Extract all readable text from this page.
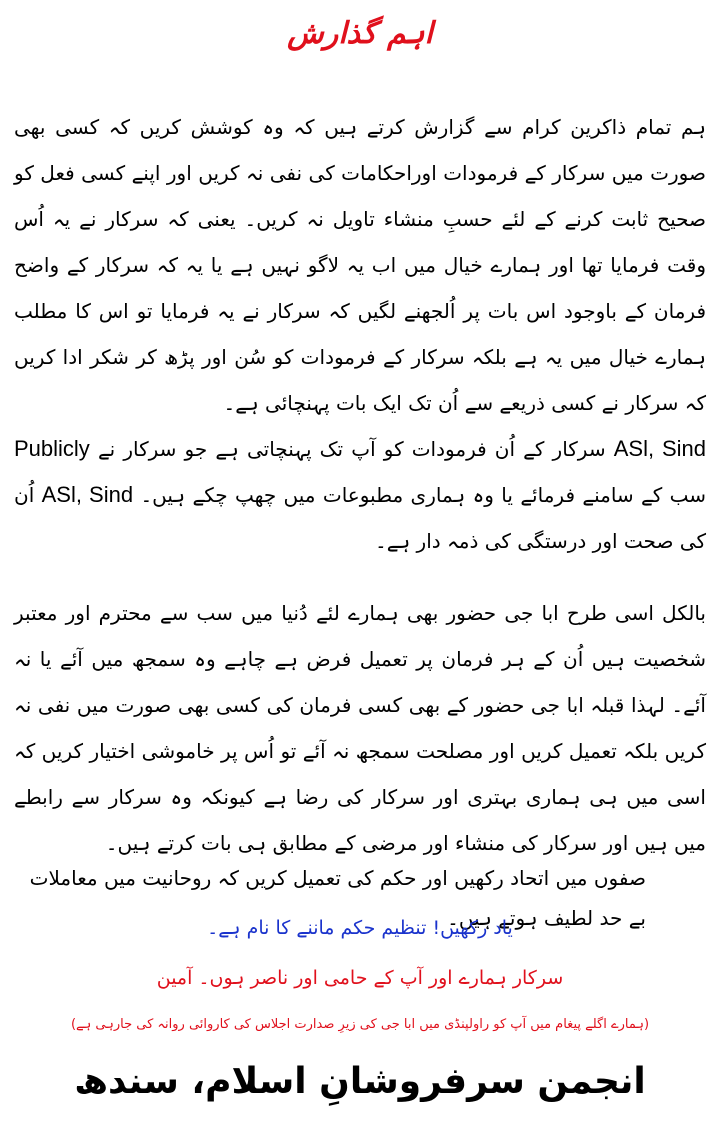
اہم گذارش
ہم تمام ذاکرین کرام سے گزارش کرتے ہیں کہ وہ کوشش کریں کہ کسی بھی صورت میں سرکار کے فرمودات اوراحکامات کی نفی نہ کریں اور اپنے کسی فعل کو صحیح ثابت کرنے کے لئے حسبِ منشاء تاویل نہ کریں۔ یعنی کہ سرکار نے یہ اُس وقت فرمایا تھا اور ہمارے خیال میں اب یہ لاگو نہیں ہے یا یہ کہ سرکار کے واضح فرمان کے باوجود اس بات پر اُلجھنے لگیں کہ سرکار نے یہ فرمایا تو اس کا مطلب ہمارے خیال میں یہ ہے بلکہ سرکار کے فرمودات کو سُن اور پڑھ کر شکر ادا کریں کہ سرکار نے کسی ذریعے سے اُن تک ایک بات پہنچائی ہے۔
ASl, Sind سرکار کے اُن فرمودات کو آپ تک پہنچاتی ہے جو سرکار نے Publicly سب کے سامنے فرمائے یا وہ ہماری مطبوعات میں چھپ چکے ہیں۔ ASl, Sind اُن کی صحت اور درستگی کی ذمہ دار ہے۔
بالکل اسی طرح ابا جی حضور بھی ہمارے لئے دُنیا میں سب سے محترم اور معتبر شخصیت ہیں اُن کے ہر فرمان پر تعمیل فرض ہے چاہے وہ سمجھ میں آئے یا نہ آئے۔ لہذا قبلہ ابا جی حضور کے بھی کسی فرمان کی کسی بھی صورت میں نفی نہ کریں بلکہ تعمیل کریں اور مصلحت سمجھ نہ آئے تو اُس پر خاموشی اختیار کریں کہ اسی میں ہی ہماری بہتری اور سرکار کی رضا ہے کیونکہ وہ سرکار سے رابطے میں ہیں اور سرکار کی منشاء اور مرضی کے مطابق ہی بات کرتے ہیں۔
صفوں میں اتحاد رکھیں اور حکم کی تعمیل کریں کہ روحانیت میں معاملات بے حد لطیف ہوتے ہیں۔
یاد رکھیں! تنظیم حکم ماننے کا نام ہے۔
سرکار ہمارے اور آپ کے حامی اور ناصر ہوں۔ آمین
(ہمارے اگلے پیغام میں آپ کو راولپنڈی میں ابا جی کی زیرِ صدارت اجلاس کی کاروائی روانہ کی جارہی ہے)
انجمن سرفروشانِ اسلام، سندھ
